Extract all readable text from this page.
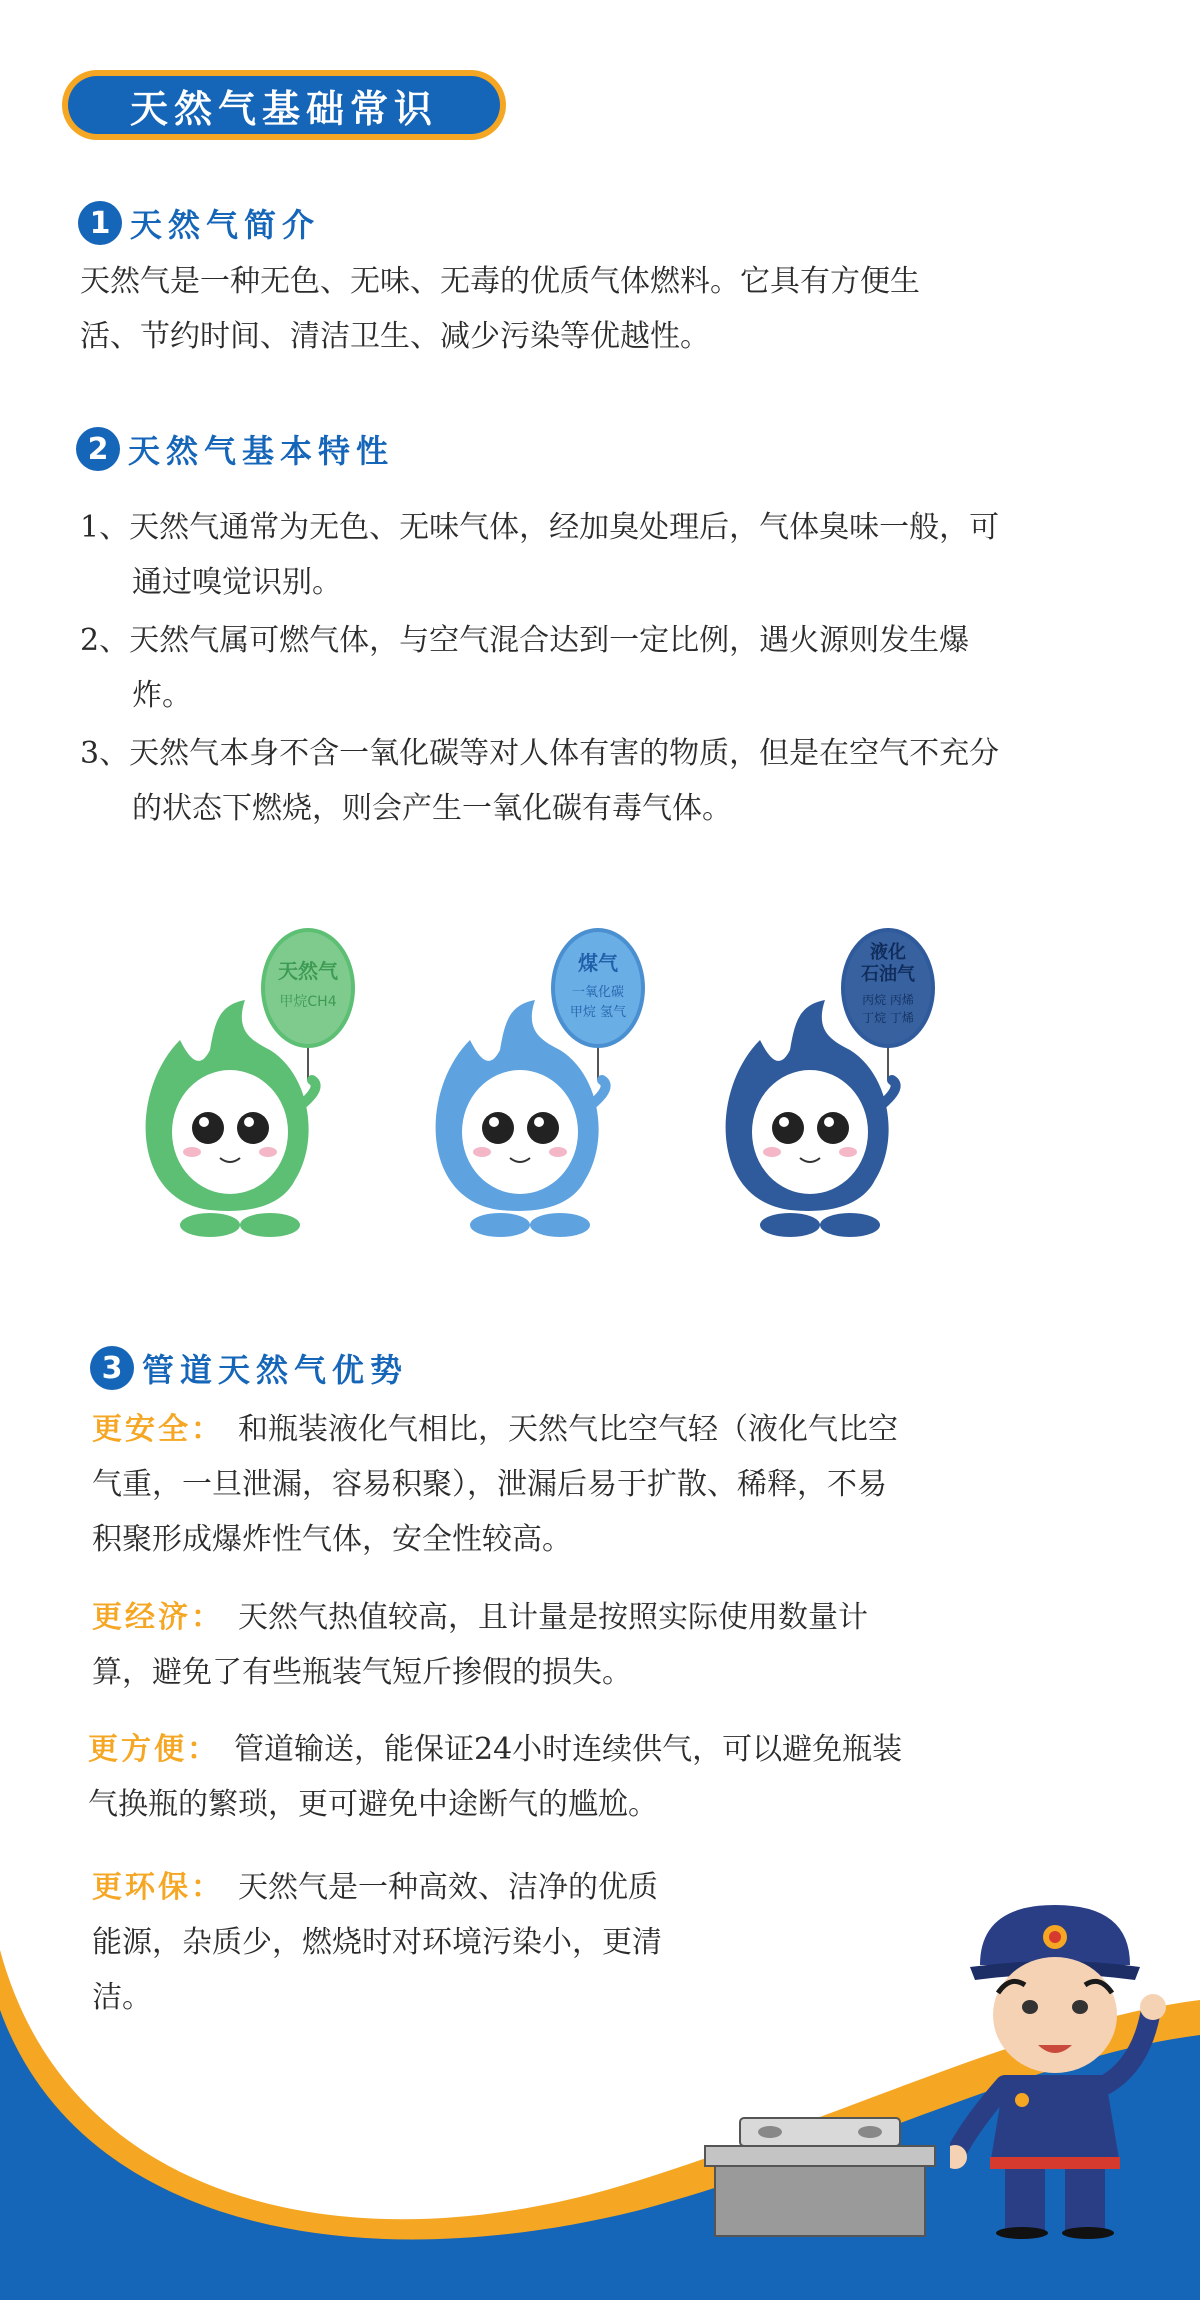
天然气基础常识
1 天然气简介
天然气是一种无色、无味、无毒的优质气体燃料。它具有方便生
活、节约时间、清洁卫生、减少污染等优越性。
2 天然气基本特性
1、天然气通常为无色、无味气体，经加臭处理后，气体臭味一般，可通过嗅觉识别。
2、天然气属可燃气体，与空气混合达到一定比例，遇火源则发生爆炸。
3、天然气本身不含一氧化碳等对人体有害的物质，但是在空气不充分的状态下燃烧，则会产生一氧化碳有毒气体。
天然气
甲烷CH4
煤气
一氧化碳
甲烷 氢气
液化
石油气
丙烷 丙烯
丁烷 丁烯
3 管道天然气优势
更安全： 和瓶装液化气相比，天然气比空气轻（液化气比空
气重，一旦泄漏，容易积聚），泄漏后易于扩散、稀释，不易
积聚形成爆炸性气体，安全性较高。
更经济： 天然气热值较高，且计量是按照实际使用数量计
算，避免了有些瓶装气短斤掺假的损失。
更方便： 管道输送，能保证24小时连续供气，可以避免瓶装
气换瓶的繁琐，更可避免中途断气的尴尬。
更环保： 天然气是一种高效、洁净的优质
能源，杂质少，燃烧时对环境污染小，更清
洁。
